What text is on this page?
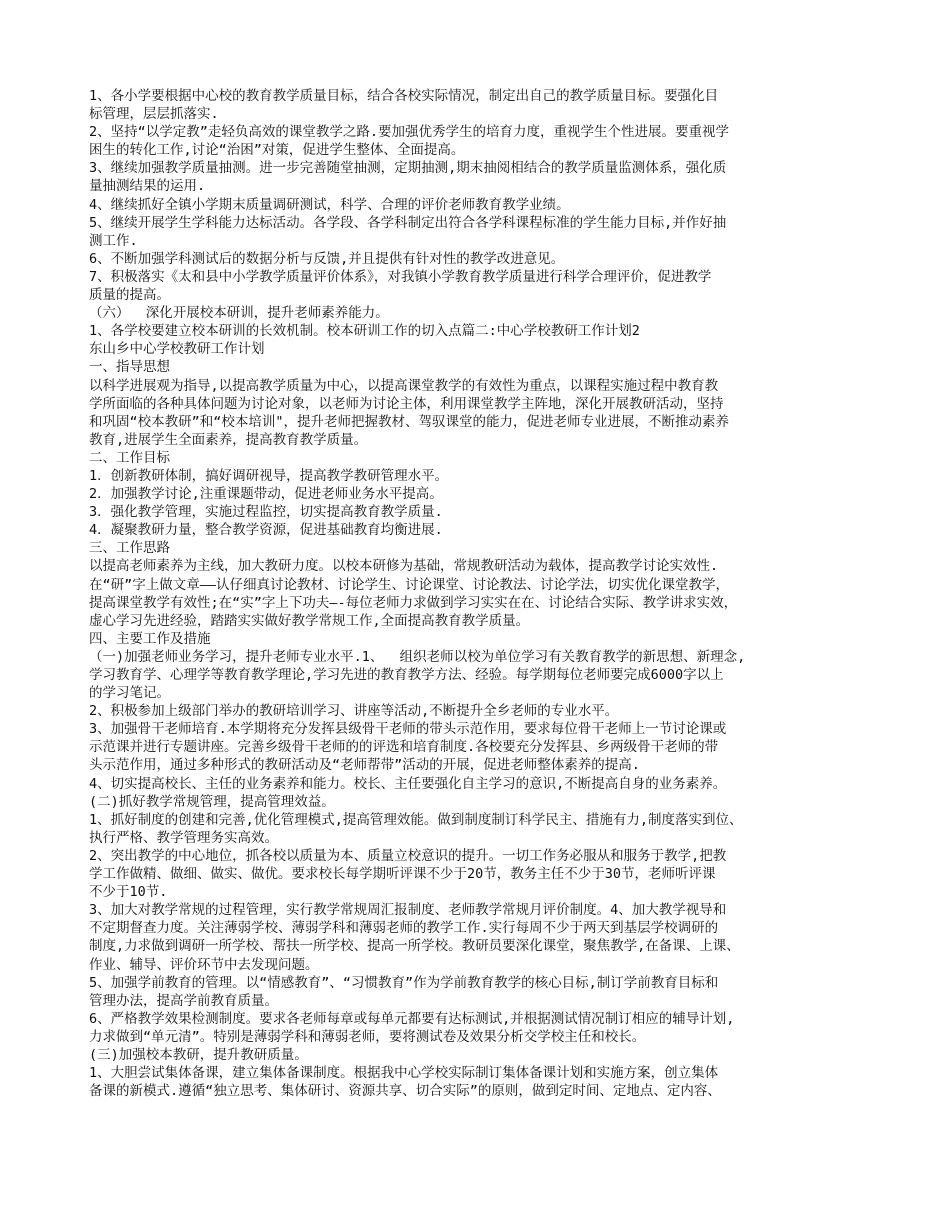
1、各小学要根据中心校的教育教学质量目标，结合各校实际情况，制定出自己的教学质量目标。要强化目
标管理，层层抓落实.
2、坚持“以学定教”走轻负高效的课堂教学之路.要加强优秀学生的培育力度，重视学生个性进展。要重视学
困生的转化工作,讨论“治困”对策，促进学生整体、全面提高。
3、继续加强教学质量抽测。进一步完善随堂抽测，定期抽测,期末抽阅相结合的教学质量监测体系，强化质
量抽测结果的运用.
4、继续抓好全镇小学期末质量调研测试，科学、合理的评价老师教育教学业绩。
5、继续开展学生学科能力达标活动。各学段、各学科制定出符合各学科课程标准的学生能力目标,并作好抽
测工作.
6、不断加强学科测试后的数据分析与反馈,并且提供有针对性的教学改进意见。
7、积极落实《太和县中小学教学质量评价体系》，对我镇小学教育教学质量进行科学合理评价，促进教学
质量的提高。
（六）  深化开展校本研训，提升老师素养能力。
1、各学校要建立校本研训的长效机制。校本研训工作的切入点篇二:中心学校教研工作计划2
东山乡中心学校教研工作计划
一、指导思想
以科学进展观为指导,以提高教学质量为中心，以提高课堂教学的有效性为重点，以课程实施过程中教育教
学所面临的各种具体问题为讨论对象，以老师为讨论主体，利用课堂教学主阵地，深化开展教研活动，坚持
和巩固“校本教研”和“校本培训"，提升老师把握教材、驾驭课堂的能力，促进老师专业进展，不断推动素养
教育,进展学生全面素养，提高教育教学质量。
二、工作目标
1．创新教研体制，搞好调研视导，提高教学教研管理水平。
2．加强教学讨论,注重课题带动，促进老师业务水平提高。
3．强化教学管理，实施过程监控，切实提高教育教学质量.
4．凝聚教研力量，整合教学资源，促进基础教育均衡进展.
三、工作思路
以提高老师素养为主线，加大教研力度。以校本研修为基础，常规教研活动为载体，提高教学讨论实效性.
在“研”字上做文章——认仔细真讨论教材、讨论学生、讨论课堂、讨论教法、讨论学法，切实优化课堂教学，
提高课堂教学有效性;在“实”字上下功夫—-每位老师力求做到学习实实在在、讨论结合实际、教学讲求实效，
虚心学习先进经验，踏踏实实做好教学常规工作,全面提高教育教学质量。
四、主要工作及措施
（一)加强老师业务学习，提升老师专业水平.1、  组织老师以校为单位学习有关教育教学的新思想、新理念,
学习教育学、心理学等教育教学理论,学习先进的教育教学方法、经验。每学期每位老师要完成6000字以上
的学习笔记。
2、积极参加上级部门举办的教研培训学习、讲座等活动,不断提升全乡老师的专业水平。
3、加强骨干老师培育.本学期将充分发挥县级骨干老师的带头示范作用，要求每位骨干老师上一节讨论课或
示范课并进行专题讲座。完善乡级骨干老师的的评选和培育制度.各校要充分发挥县、乡两级骨干老师的带
头示范作用，通过多种形式的教研活动及“老师帮带”活动的开展，促进老师整体素养的提高.
4、切实提高校长、主任的业务素养和能力。校长、主任要强化自主学习的意识,不断提高自身的业务素养。
(二)抓好教学常规管理，提高管理效益。
1、抓好制度的创建和完善,优化管理模式,提高管理效能。做到制度制订科学民主、措施有力,制度落实到位、
执行严格、教学管理务实高效。
2、突出教学的中心地位，抓各校以质量为本、质量立校意识的提升。一切工作务必服从和服务于教学,把教
学工作做精、做细、做实、做优。要求校长每学期听评课不少于20节，教务主任不少于30节，老师听评课
不少于10节.
3、加大对教学常规的过程管理，实行教学常规周汇报制度、老师教学常规月评价制度。4、加大教学视导和
不定期督查力度。关注薄弱学校、薄弱学科和薄弱老师的教学工作.实行每周不少于两天到基层学校调研的
制度,力求做到调研一所学校、帮扶一所学校、提高一所学校。教研员要深化课堂，聚焦教学,在备课、上课、
作业、辅导、评价环节中去发现问题。
5、加强学前教育的管理。以“情感教育”、“习惯教育”作为学前教育教学的核心目标,制订学前教育目标和
管理办法，提高学前教育质量。
6、严格教学效果检测制度。要求各老师每章或每单元都要有达标测试,并根据测试情况制订相应的辅导计划,
力求做到“单元清”。特别是薄弱学科和薄弱老师，要将测试卷及效果分析交学校主任和校长。
(三)加强校本教研，提升教研质量。
1、大胆尝试集体备课，建立集体备课制度。根据我中心学校实际制订集体备课计划和实施方案，创立集体
备课的新模式.遵循“独立思考、集体研讨、资源共享、切合实际”的原则，做到定时间、定地点、定内容、
